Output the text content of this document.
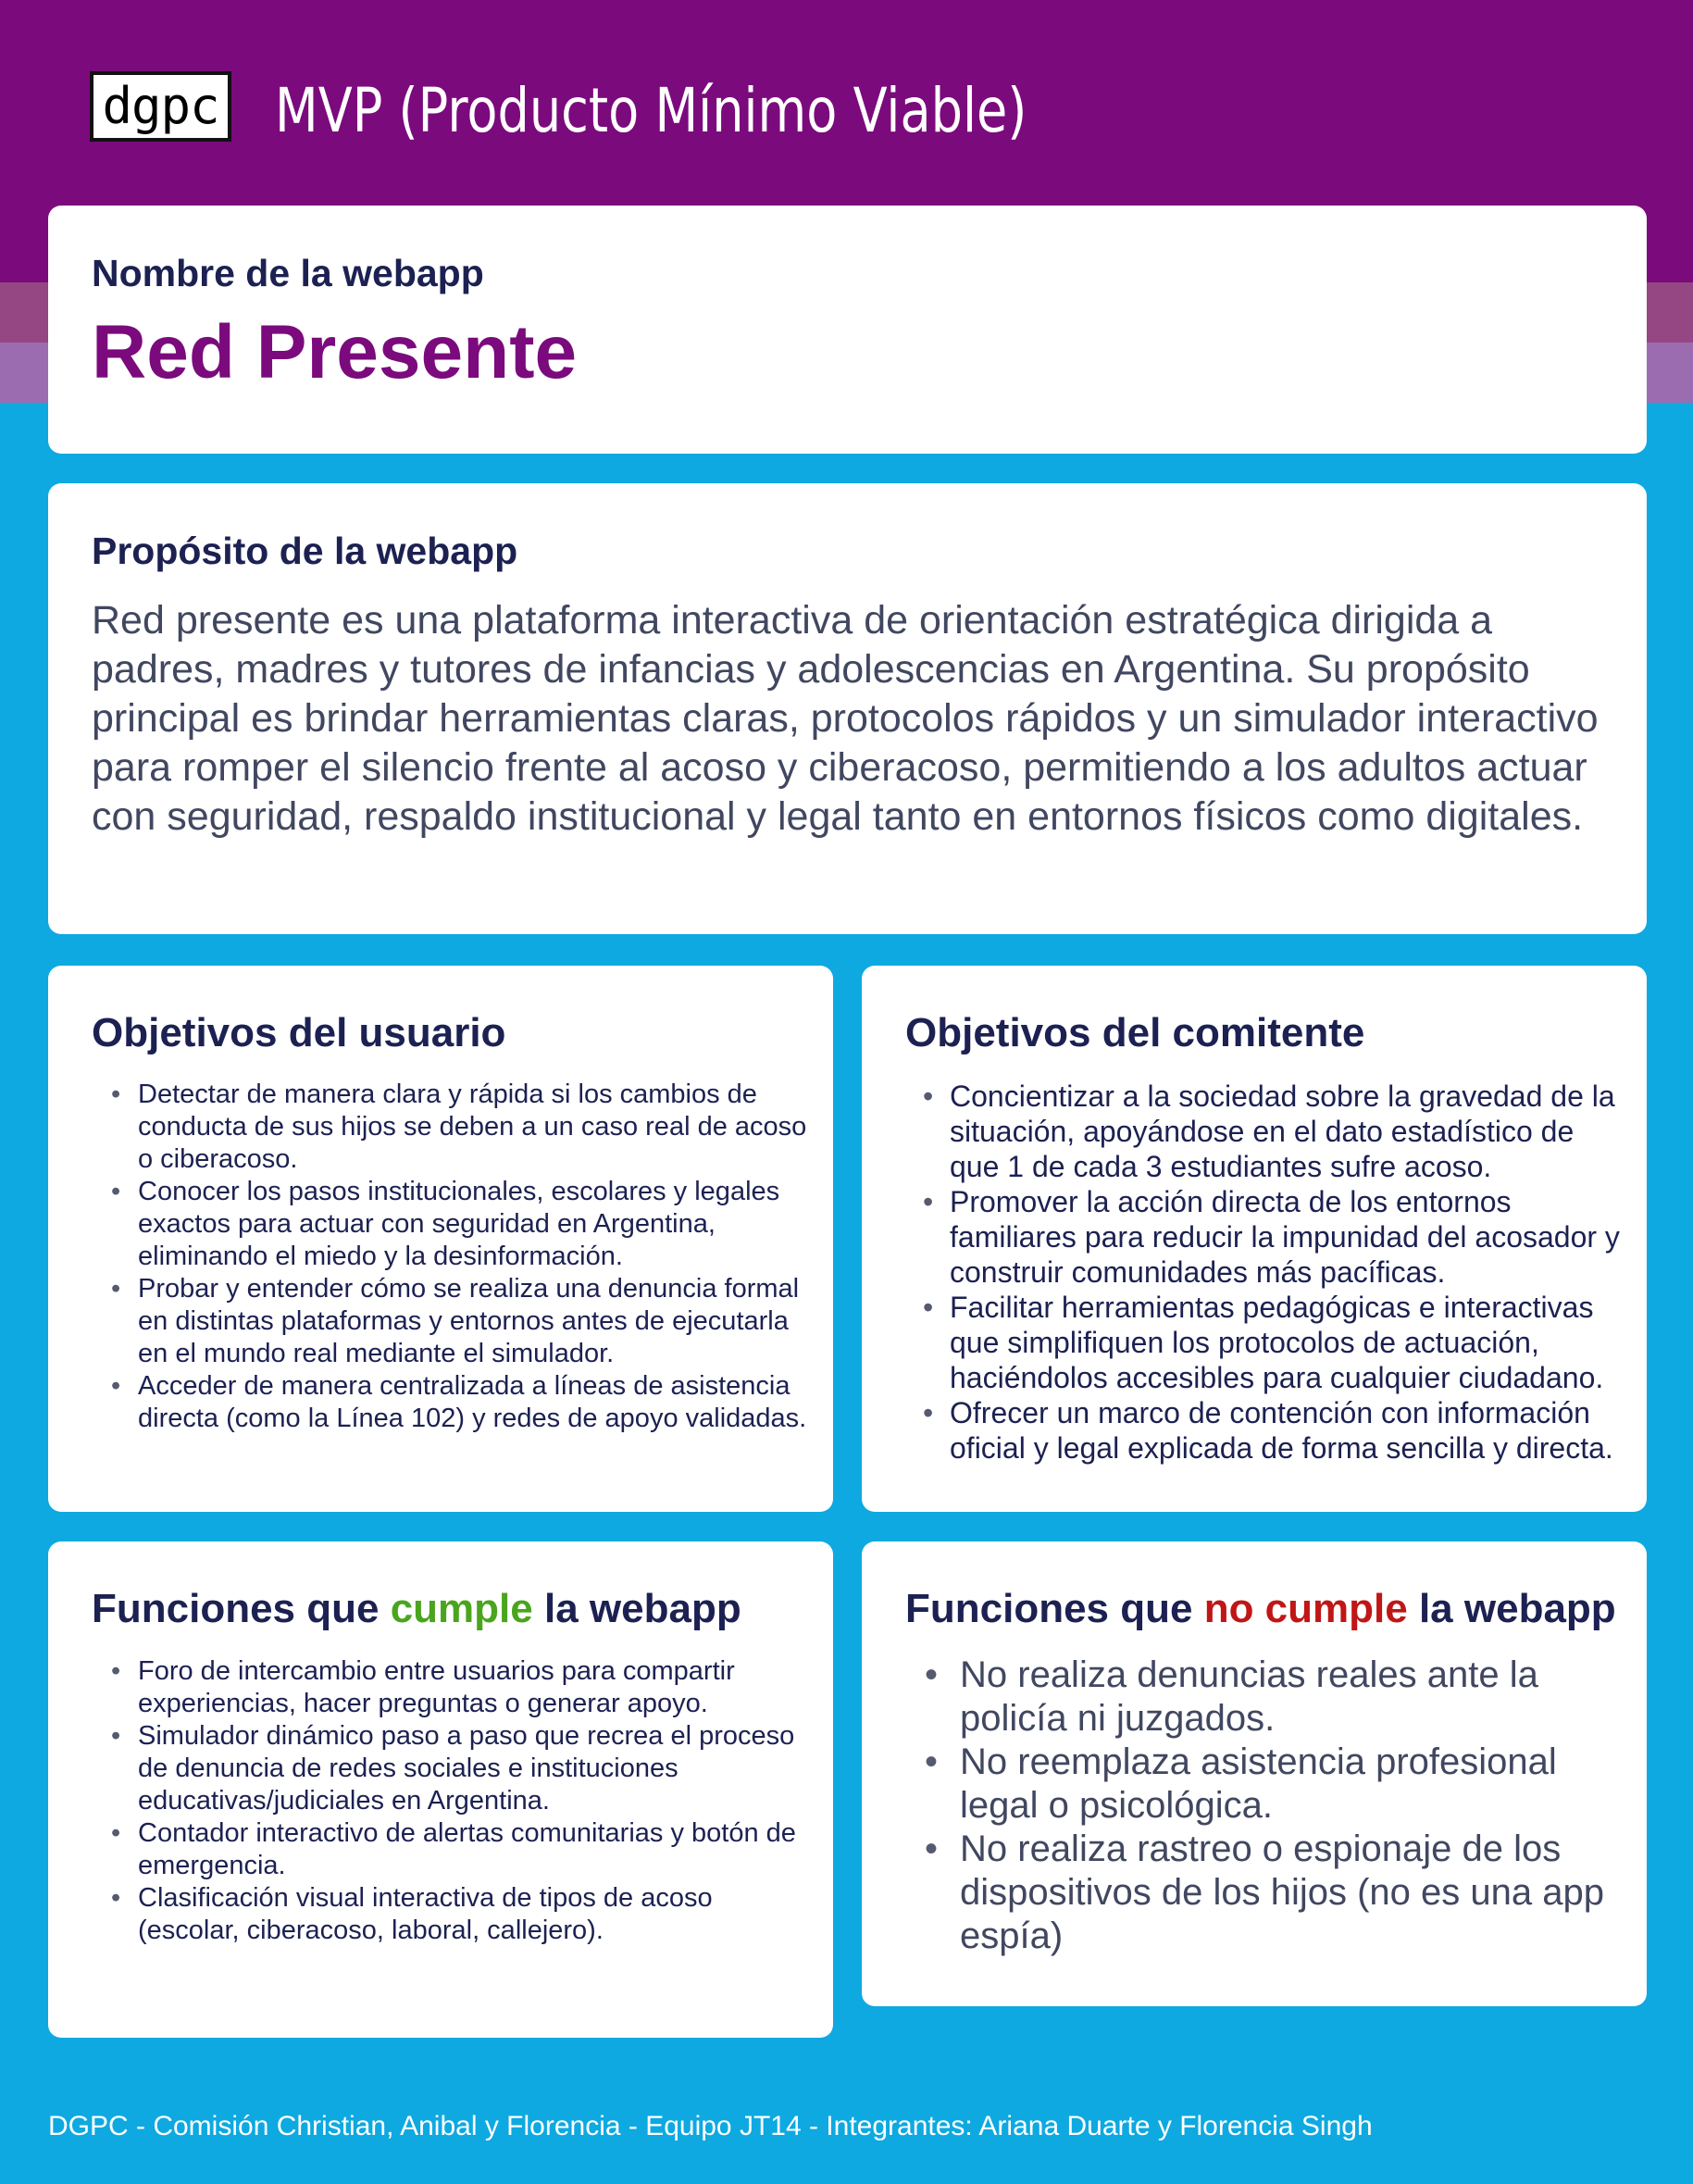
dgpc MVP (Producto Mínimo Viable)
Nombre de la webapp
Red Presente
Propósito de la webapp

Red presente es una plataforma interactiva de orientación estratégica dirigida a padres, madres y tutores de infancias y adolescencias en Argentina. Su propósito principal es brindar herramientas claras, protocolos rápidos y un simulador interactivo para romper el silencio frente al acoso y ciberacoso, permitiendo a los adultos actuar con seguridad, respaldo institucional y legal tanto en entornos físicos como digitales.

Objetivos del usuario
• Detectar de manera clara y rápida si los cambios de conducta de sus hijos se deben a un caso real de acoso o ciberacoso.
• Conocer los pasos institucionales, escolares y legales exactos para actuar con seguridad en Argentina, eliminando el miedo y la desinformación.
• Probar y entender cómo se realiza una denuncia formal en distintas plataformas y entornos antes de ejecutarla en el mundo real mediante el simulador.
• Acceder de manera centralizada a líneas de asistencia directa (como la Línea 102) y redes de apoyo validadas.
Objetivos del comitente
• Concientizar a la sociedad sobre la gravedad de la situación, apoyándose en el dato estadístico de que 1 de cada 3 estudiantes sufre acoso.
• Promover la acción directa de los entornos familiares para reducir la impunidad del acosador y construir comunidades más pacíficas.
• Facilitar herramientas pedagógicas e interactivas que simplifiquen los protocolos de actuación, haciéndolos accesibles para cualquier ciudadano.
• Ofrecer un marco de contención con información oficial y legal explicada de forma sencilla y directa.
Funciones que cumple la webapp
• Foro de intercambio entre usuarios para compartir experiencias, hacer preguntas o generar apoyo.
• Simulador dinámico paso a paso que recrea el proceso de denuncia de redes sociales e instituciones educativas/judiciales en Argentina.
• Contador interactivo de alertas comunitarias y botón de emergencia.
• Clasificación visual interactiva de tipos de acoso (escolar, ciberacoso, laboral, callejero).
Funciones que no cumple la webapp
• No realiza denuncias reales ante la policía ni juzgados.
• No reemplaza asistencia profesional legal o psicológica.
• No realiza rastreo o espionaje de los dispositivos de los hijos (no es una app espía)
DGPC - Comisión Christian, Anibal y Florencia - Equipo JT14 - Integrantes: Ariana Duarte y Florencia Singh
